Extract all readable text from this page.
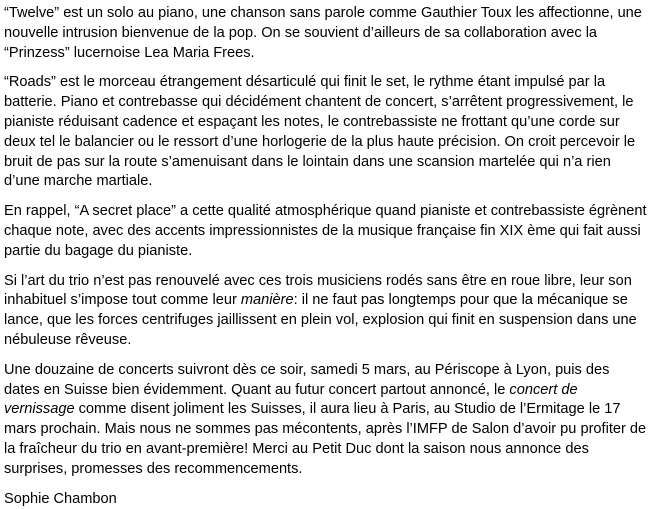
“Twelve” est un solo au piano, une chanson sans parole comme Gauthier Toux les affectionne, une nouvelle intrusion bienvenue de la pop. On se souvient d’ailleurs de sa collaboration avec la “Prinzess” lucernoise Lea Maria Frees.

“Roads” est le morceau étrangement désarticulé qui finit le set, le rythme étant impulsé par la batterie. Piano et contrebasse qui décidément chantent de concert, s’arrêtent progressivement, le pianiste réduisant cadence et espaçant les notes, le contrebassiste ne frottant qu’une corde sur deux tel le balancier ou le ressort d’une horlogerie de la plus haute précision. On croit percevoir le bruit de pas sur la route s’amenuisant dans le lointain dans une scansion martelée qui n’a rien d’une marche martiale.

En rappel, “A secret place” a cette qualité atmosphérique quand pianiste et contrebassiste égrènent chaque note, avec des accents impressionnistes de la musique française fin XIX ème qui fait aussi partie du bagage du pianiste.

Si l’art du trio n’est pas renouvelé avec ces trois musiciens rodés sans être en roue libre, leur son inhabituel s’impose tout comme leur manière: il ne faut pas longtemps pour que la mécanique se lance, que les forces centrifuges jaillissent en plein vol, explosion qui finit en suspension dans une nébuleuse rêveuse.

Une douzaine de concerts suivront dès ce soir, samedi 5 mars, au Périscope à Lyon, puis des dates en Suisse bien évidemment. Quant au futur concert partout annoncé, le concert de vernissage comme disent joliment les Suisses, il aura lieu à Paris, au Studio de l’Ermitage le 17 mars prochain. Mais nous ne sommes pas mécontents, après l’IMFP de Salon d’avoir pu profiter de la fraîcheur du trio en avant-première! Merci au Petit Duc dont la saison nous annonce des surprises, promesses des recommencements.

Sophie Chambon
